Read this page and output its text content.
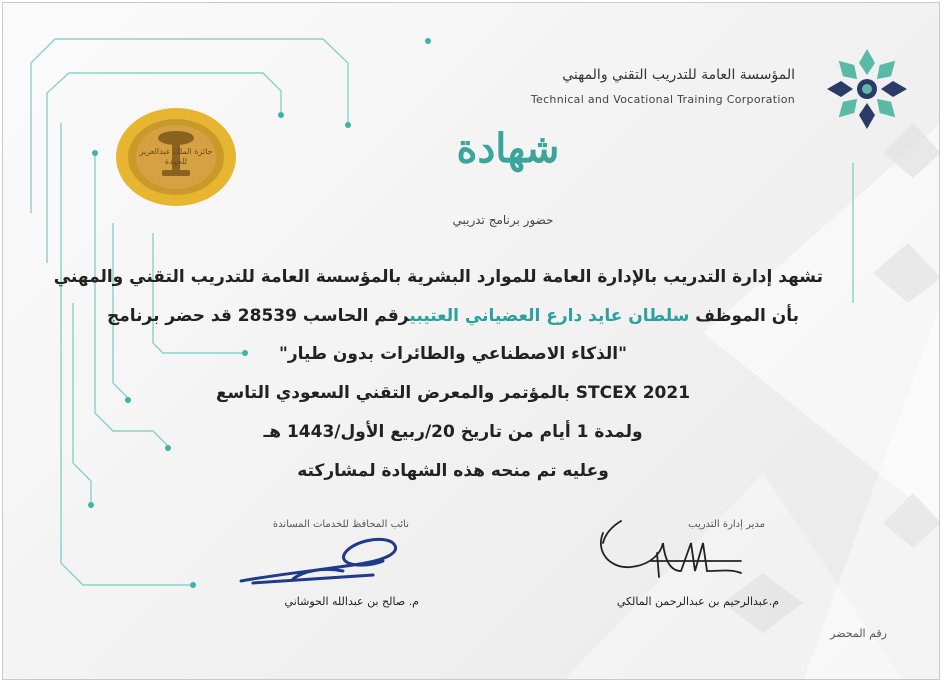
المؤسسة العامة للتدريب التقني والمهني
Technical and Vocational Training Corporation
جائزة الملك عبدالعزيز للجودة	شهادة
حضور برنامج تدريبي
تشهد إدارة التدريب بالإدارة العامة للموارد البشرية بالمؤسسة العامة للتدريب التقني والمهني
بأن الموظف سلطان عايد دارع العضياني العتيبيرقم الحاسب 28539 قد حضر برنامج
"الذكاء الاصطناعي والطائرات بدون طيار"
STCEX 2021 بالمؤتمر والمعرض التقني السعودي التاسع
ولمدة 1 أيام من تاريخ 20/ربيع الأول/1443 هـ
وعليه تم منحه هذه الشهادة لمشاركته
نائب المحافظ للخدمات المساندة
م. صالح بن عبدالله الحوشاني
مدير إدارة التدريب
م.عبدالرحيم بن عبدالرحمن المالكي
رقم المحضر
